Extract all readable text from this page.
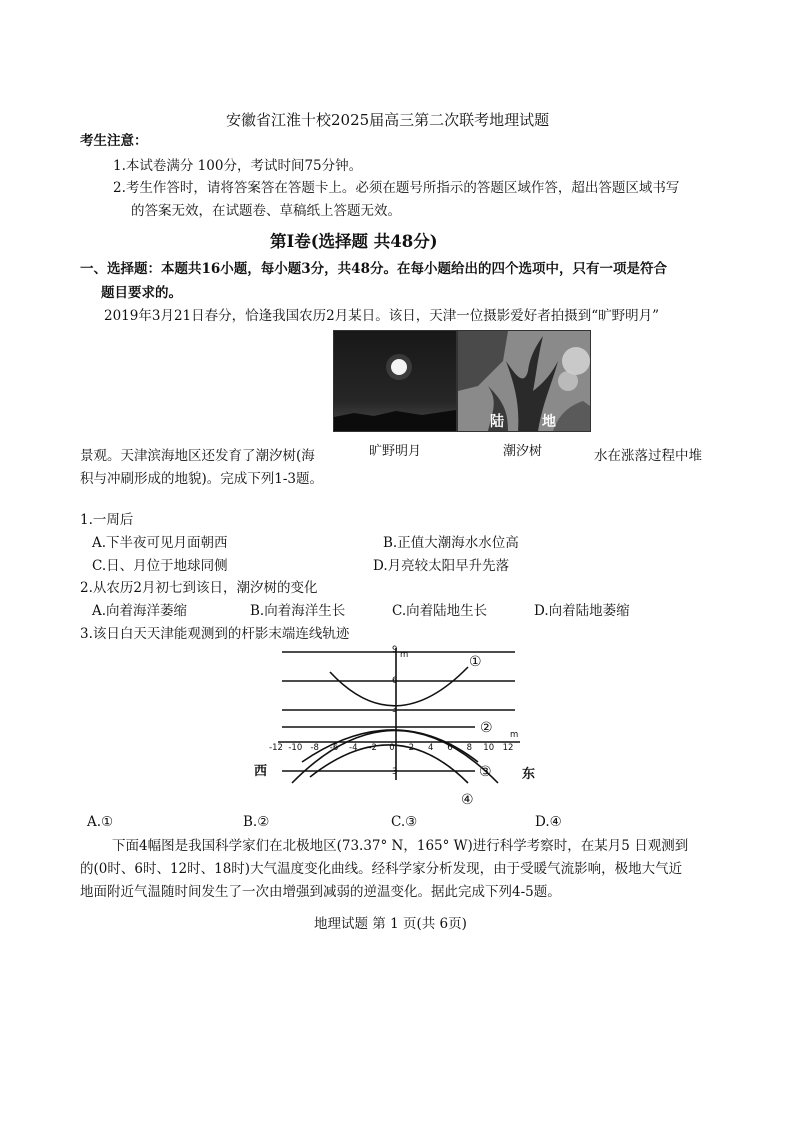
安徽省江淮十校2025届高三第二次联考地理试题
考生注意：
1.本试卷满分 100分，考试时间75分钟。
2.考生作答时，请将答案答在答题卡上。必须在题号所指示的答题区域作答，超出答题区域书写
的答案无效，在试题卷、草稿纸上答题无效。
第Ⅰ卷(选择题 共48分)
一、选择题：本题共16小题，每小题3分，共48分。在每小题给出的四个选项中，只有一项是符合
题目要求的。
2019年3月21日春分，恰逢我国农历2月某日。该日，天津一位摄影爱好者拍摄到“旷野明月”
陆	地
旷野明月	潮汐树
景观。天津滨海地区还发育了潮汐树(海	水在涨落过程中堆
积与冲刷形成的地貌)。完成下列1-3题。
1.一周后
A.下半夜可见月面朝西	B.正值大潮海水水位高
C.日、月位于地球同侧	D.月亮较太阳早升先落
2.从农历2月初七到该日，潮汐树的变化
A.向着海洋萎缩	B.向着海洋生长	C.向着陆地生长	D.向着陆地萎缩
3.该日白天天津能观测到的杆影末端连线轨迹
-12 -10 -8 -6 -4 -2 0 2 4 6 8 10 12
9
6
3
3
m
m
①
②
③
④
西	东
A.①	B.②	C.③	D.④
下面4幅图是我国科学家们在北极地区(73.37° N，165° W)进行科学考察时，在某月5 日观测到
的(0时、6时、12时、18时)大气温度变化曲线。经科学家分析发现，由于受暖气流影响，极地大气近
地面附近气温随时间发生了一次由增强到减弱的逆温变化。据此完成下列4-5题。
地理试题 第 1 页(共 6页)
